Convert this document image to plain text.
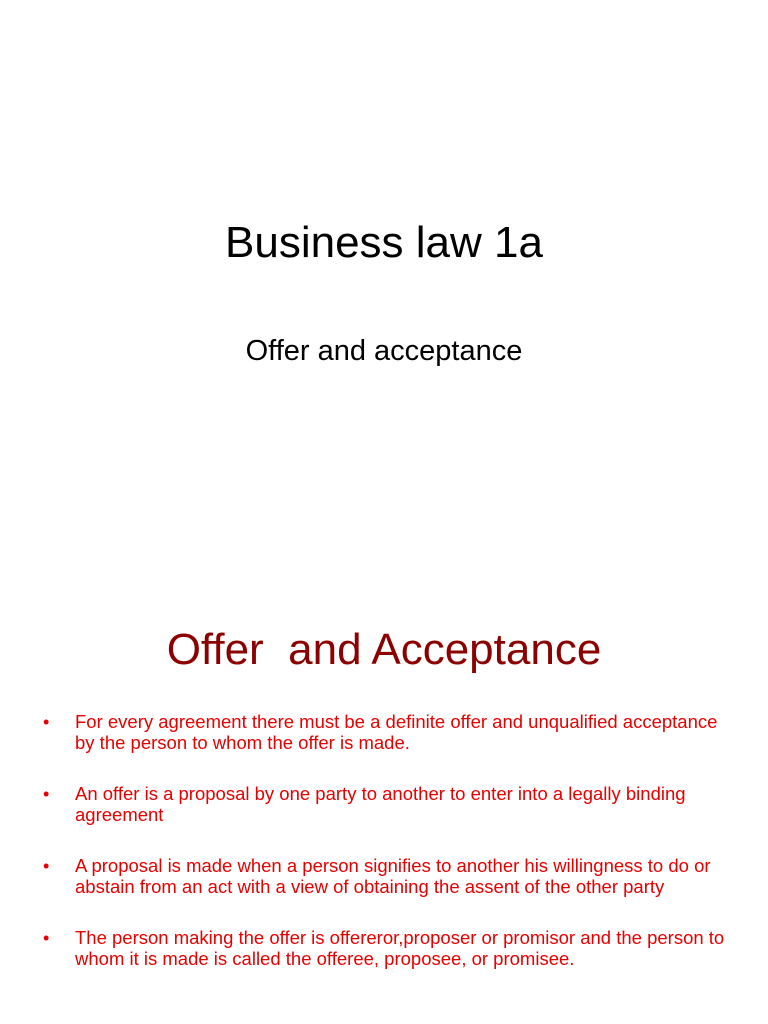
Business law 1a
Offer and acceptance
Offer  and Acceptance
• For every agreement there must be a definite offer and unqualified acceptance by the person to whom the offer is made.
• An offer is a proposal by one party to another to enter into a legally binding agreement
• A proposal is made when a person signifies to another his willingness to do or abstain from an act with a view of obtaining the assent of the other party
• The person making the offer is offereror,proposer or promisor and the person to whom it is made is called the offeree, proposee, or promisee.
